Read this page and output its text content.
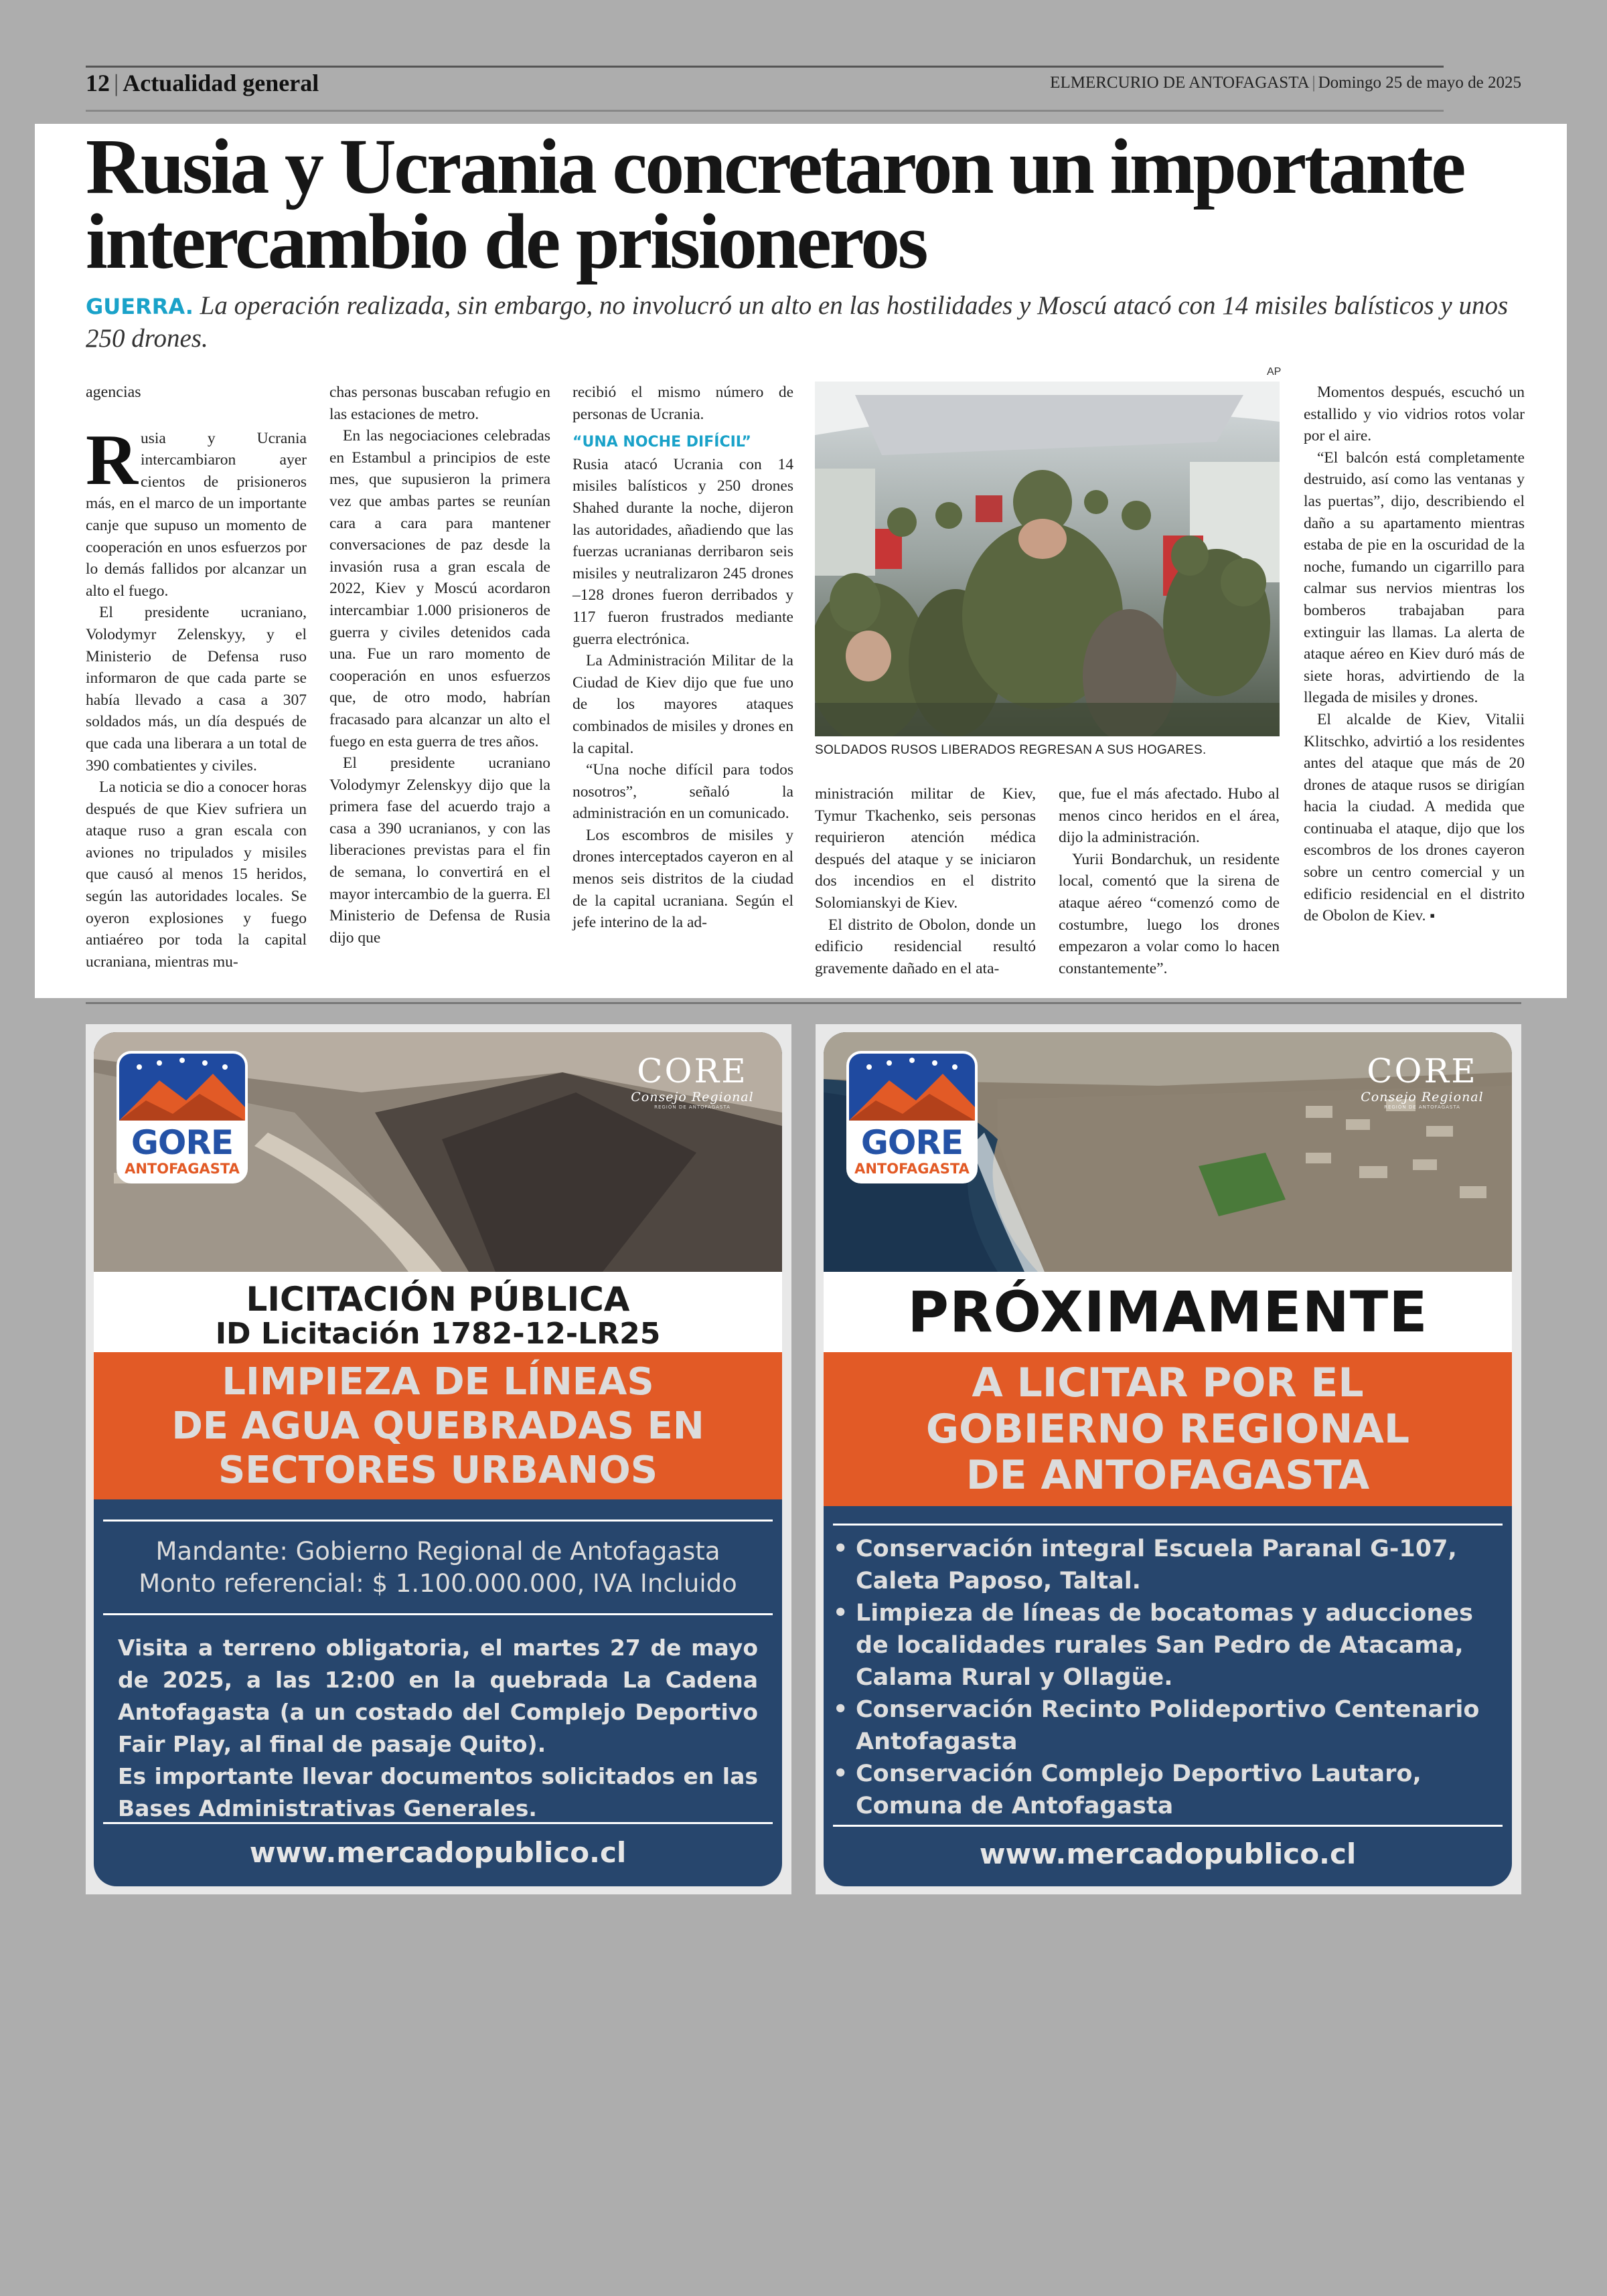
12 | Actualidad general	ELMERCURIO DE ANTOFAGASTA | Domingo 25 de mayo de 2025
Rusia y Ucrania concretaron un importante intercambio de prisioneros

GUERRA. La operación realizada, sin embargo, no involucró un alto en las hostilidades y Moscú atacó con 14 misiles balísticos y unos 250 drones.

agencias

Rusia y Ucrania intercambiaron ayer cientos de prisioneros más, en el marco de un importante canje que supuso un momento de cooperación en unos esfuerzos por lo demás fallidos por alcanzar un alto el fuego.

El presidente ucraniano, Volodymyr Zelenskyy, y el Ministerio de Defensa ruso informaron de que cada parte se había llevado a casa a 307 soldados más, un día después de que cada una liberara a un total de 390 combatientes y civiles.

La noticia se dio a conocer horas después de que Kiev sufriera un ataque ruso a gran escala con aviones no tripulados y misiles que causó al menos 15 heridos, según las autoridades locales. Se oyeron explosiones y fuego antiaéreo por toda la capital ucraniana, mientras mu-

chas personas buscaban refugio en las estaciones de metro.

En las negociaciones celebradas en Estambul a principios de este mes, que supusieron la primera vez que ambas partes se reunían cara a cara para mantener conversaciones de paz desde la invasión rusa a gran escala de 2022, Kiev y Moscú acordaron intercambiar 1.000 prisioneros de guerra y civiles detenidos cada una. Fue un raro momento de cooperación en unos esfuerzos que, de otro modo, habrían fracasado para alcanzar un alto el fuego en esta guerra de tres años.

El presidente ucraniano Volodymyr Zelenskyy dijo que la primera fase del acuerdo trajo a casa a 390 ucranianos, y con las liberaciones previstas para el fin de semana, lo convertirá en el mayor intercambio de la guerra. El Ministerio de Defensa de Rusia dijo que

recibió el mismo número de personas de Ucrania.

“UNA NOCHE DIFÍCIL”

Rusia atacó Ucrania con 14 misiles balísticos y 250 drones Shahed durante la noche, dijeron las autoridades, añadiendo que las fuerzas ucranianas derribaron seis misiles y neutralizaron 245 drones –128 drones fueron derribados y 117 fueron frustrados mediante guerra electrónica.

La Administración Militar de la Ciudad de Kiev dijo que fue uno de los mayores ataques combinados de misiles y drones en la capital.

“Una noche difícil para todos nosotros”, señaló la administración en un comunicado.

Los escombros de misiles y drones interceptados cayeron en al menos seis distritos de la ciudad de la capital ucraniana. Según el jefe interino de la ad-

AP
SOLDADOS RUSOS LIBERADOS REGRESAN A SUS HOGARES.

ministración militar de Kiev, Tymur Tkachenko, seis personas requirieron atención médica después del ataque y se iniciaron dos incendios en el distrito Solomianskyi de Kiev.

El distrito de Obolon, donde un edificio residencial resultó gravemente dañado en el ata-

que, fue el más afectado. Hubo al menos cinco heridos en el área, dijo la administración.

Yurii Bondarchuk, un residente local, comentó que la sirena de ataque aéreo “comenzó como de costumbre, luego los drones empezaron a volar como lo hacen constantemente”.

Momentos después, escuchó un estallido y vio vidrios rotos volar por el aire.

“El balcón está completamente destruido, así como las ventanas y las puertas”, dijo, describiendo el daño a su apartamento mientras estaba de pie en la oscuridad de la noche, fumando un cigarrillo para calmar sus nervios mientras los bomberos trabajaban para extinguir las llamas. La alerta de ataque aéreo en Kiev duró más de siete horas, advirtiendo de la llegada de misiles y drones.

El alcalde de Kiev, Vitalii Klitschko, advirtió a los residentes antes del ataque que más de 20 drones de ataque rusos se dirigían hacia la ciudad. A medida que continuaba el ataque, dijo que los escombros de los drones cayeron sobre un centro comercial y un edificio residencial en el distrito de Obolon de Kiev. ▪

GORE
ANTOFAGASTA
CORE
Consejo Regional
REGIÓN DE ANTOFAGASTA
LICITACIÓN PÚBLICA
ID Licitación 1782-12-LR25
LIMPIEZA DE LÍNEAS
DE AGUA QUEBRADAS EN
SECTORES URBANOS
Mandante: Gobierno Regional de Antofagasta
Monto referencial: $ 1.100.000.000, IVA Incluido
Visita a terreno obligatoria, el martes 27 de mayo de 2025, a las 12:00 en la quebrada La Cadena Antofagasta (a un costado del Complejo Deportivo Fair Play, al final de pasaje Quito).
Es importante llevar documentos solicitados en las Bases Administrativas Generales.
www.mercadopublico.cl
GORE
ANTOFAGASTA
CORE
Consejo Regional
REGIÓN DE ANTOFAGASTA
PRÓXIMAMENTE
A LICITAR POR EL
GOBIERNO REGIONAL
DE ANTOFAGASTA
• Conservación integral Escuela Paranal G-107, Caleta Paposo, Taltal.
• Limpieza de líneas de bocatomas y aducciones de localidades rurales San Pedro de Atacama, Calama Rural y Ollagüe.
• Conservación Recinto Polideportivo Centenario Antofagasta
• Conservación Complejo Deportivo Lautaro, Comuna de Antofagasta
www.mercadopublico.cl
